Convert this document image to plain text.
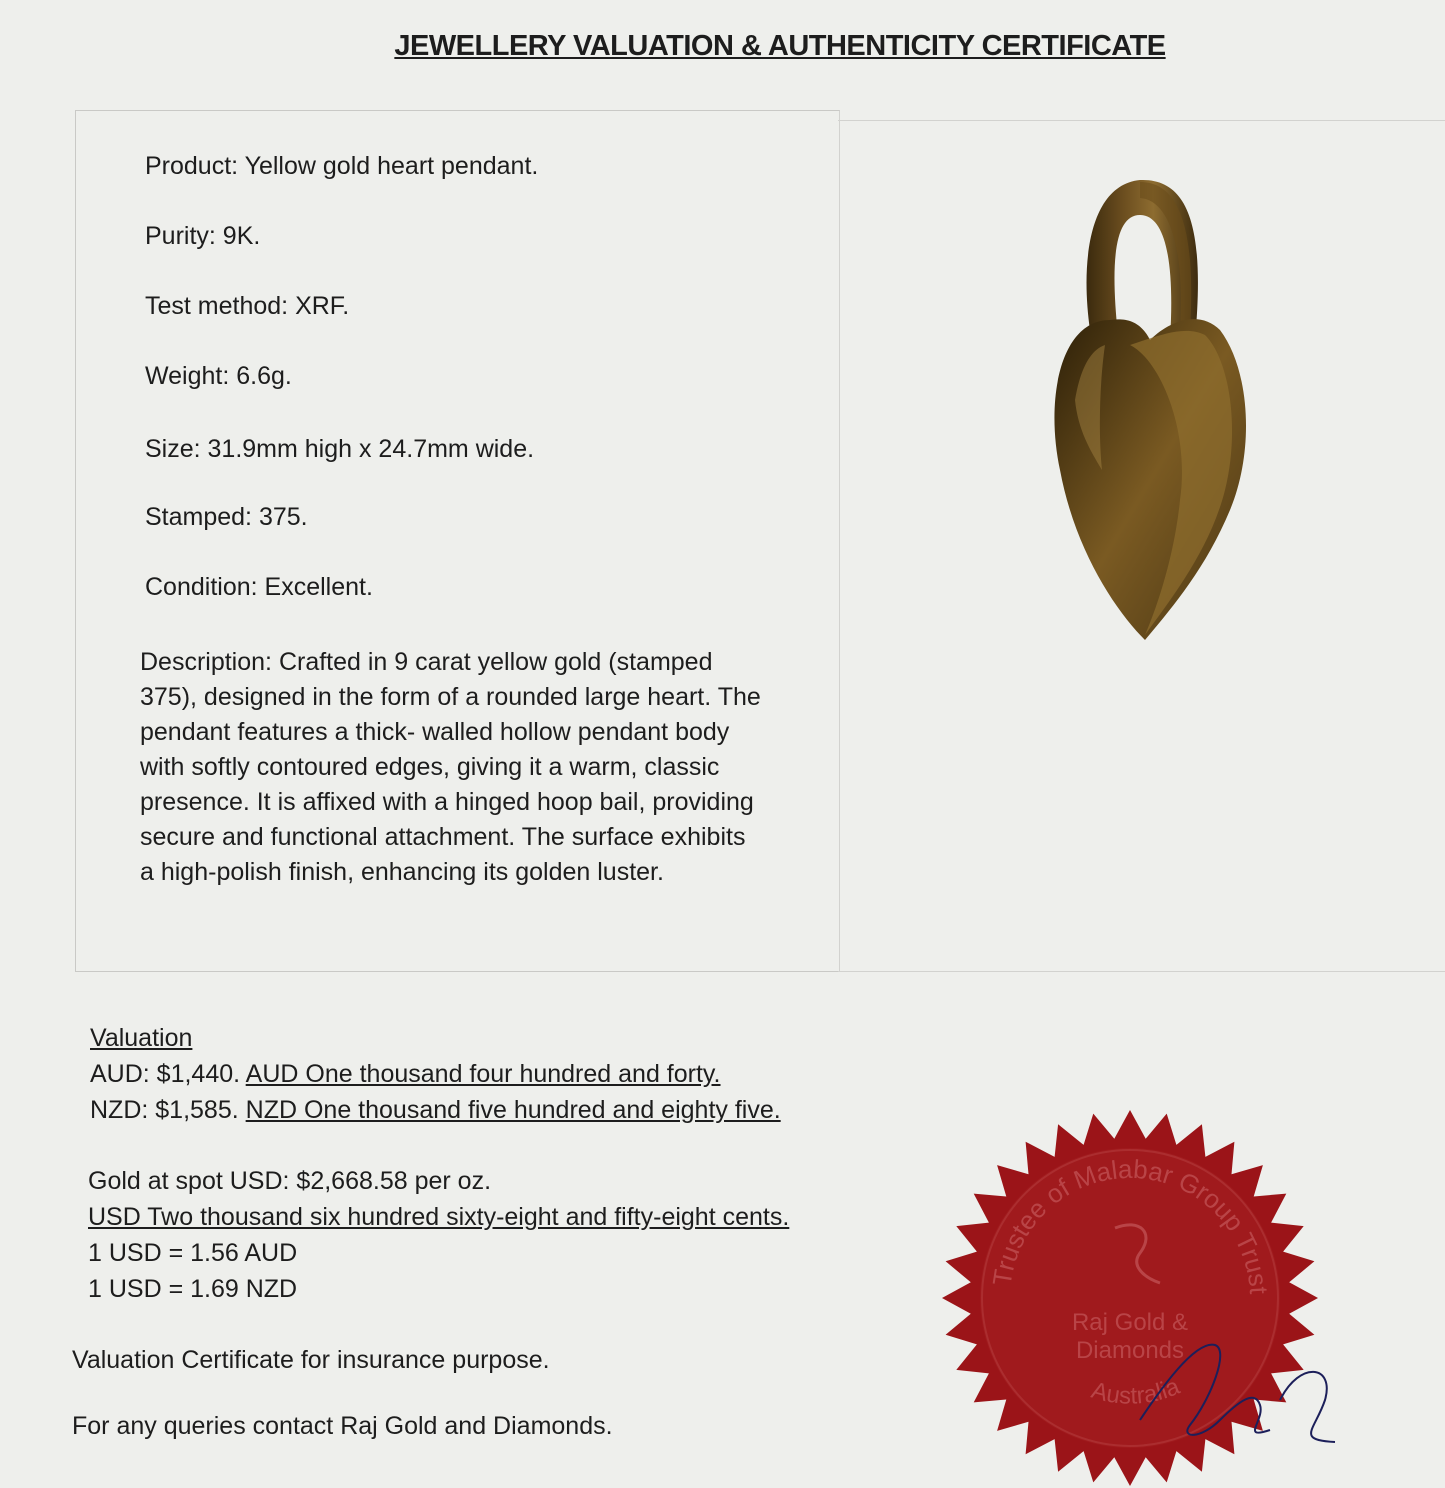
JEWELLERY VALUATION & AUTHENTICITY CERTIFICATE
Product: Yellow gold heart pendant.
Purity: 9K.
Test method: XRF.
Weight: 6.6g.
Size: 31.9mm high x 24.7mm wide.
Stamped: 375.
Condition: Excellent.
Description: Crafted in 9 carat yellow gold (stamped
375), designed in the form of a rounded large heart. The
pendant features a thick- walled hollow pendant body
with softly contoured edges, giving it a warm, classic
presence. It is affixed with a hinged hoop bail, providing
secure and functional attachment. The surface exhibits
a high-polish finish, enhancing its golden luster.
Valuation
AUD: $1,440. AUD One thousand four hundred and forty.
NZD: $1,585. NZD One thousand five hundred and eighty five.
Gold at spot USD: $2,668.58 per oz.
USD Two thousand six hundred sixty-eight and fifty-eight cents.
1 USD = 1.56 AUD
1 USD = 1.69 NZD
Valuation Certificate for insurance purpose.
For any queries contact Raj Gold and Diamonds.
Trustee of Malabar Group Trust
Australia
Raj Gold &
Diamonds
